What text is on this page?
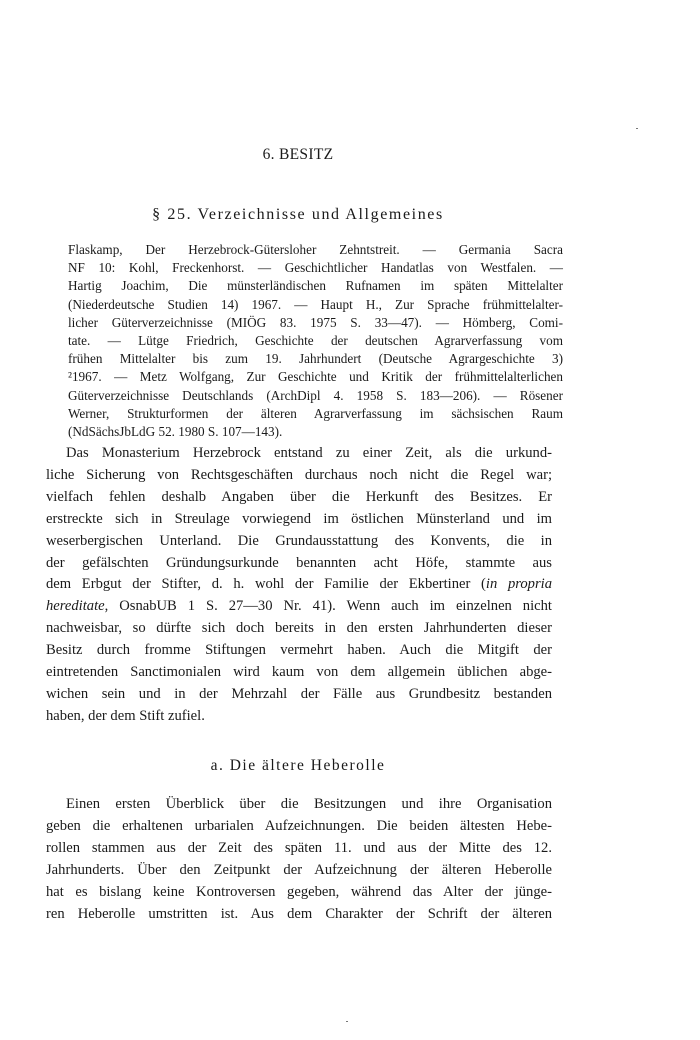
6. BESITZ
§ 25. Verzeichnisse und Allgemeines
Flaskamp, Der Herzebrock-Gütersloher Zehntstreit. — Germania Sacra
NF 10: Kohl, Freckenhorst. — Geschichtlicher Handatlas von Westfalen. —
Hartig Joachim, Die münsterländischen Rufnamen im späten Mittelalter
(Niederdeutsche Studien 14) 1967. — Haupt H., Zur Sprache frühmittelalter-
licher Güterverzeichnisse (MIÖG 83. 1975 S. 33—47). — Hömberg, Comi-
tate. — Lütge Friedrich, Geschichte der deutschen Agrarverfassung vom
frühen Mittelalter bis zum 19. Jahrhundert (Deutsche Agrargeschichte 3)
²1967. — Metz Wolfgang, Zur Geschichte und Kritik der frühmittelalterlichen
Güterverzeichnisse Deutschlands (ArchDipl 4. 1958 S. 183—206). — Rösener
Werner, Strukturformen der älteren Agrarverfassung im sächsischen Raum
(NdSächsJbLdG 52. 1980 S. 107—143).
Das Monasterium Herzebrock entstand zu einer Zeit, als die urkund-
liche Sicherung von Rechtsgeschäften durchaus noch nicht die Regel war;
vielfach fehlen deshalb Angaben über die Herkunft des Besitzes. Er
erstreckte sich in Streulage vorwiegend im östlichen Münsterland und im
weserbergischen Unterland. Die Grundausstattung des Konvents, die in
der gefälschten Gründungsurkunde benannten acht Höfe, stammte aus
dem Erbgut der Stifter, d. h. wohl der Familie der Ekbertiner (in propria
hereditate, OsnabUB 1 S. 27—30 Nr. 41). Wenn auch im einzelnen nicht
nachweisbar, so dürfte sich doch bereits in den ersten Jahrhunderten dieser
Besitz durch fromme Stiftungen vermehrt haben. Auch die Mitgift der
eintretenden Sanctimonialen wird kaum von dem allgemein üblichen abge-
wichen sein und in der Mehrzahl der Fälle aus Grundbesitz bestanden
haben, der dem Stift zufiel.
a. Die ältere Heberolle
Einen ersten Überblick über die Besitzungen und ihre Organisation
geben die erhaltenen urbarialen Aufzeichnungen. Die beiden ältesten Hebe-
rollen stammen aus der Zeit des späten 11. und aus der Mitte des 12.
Jahrhunderts. Über den Zeitpunkt der Aufzeichnung der älteren Heberolle
hat es bislang keine Kontroversen gegeben, während das Alter der jünge-
ren Heberolle umstritten ist. Aus dem Charakter der Schrift der älteren
